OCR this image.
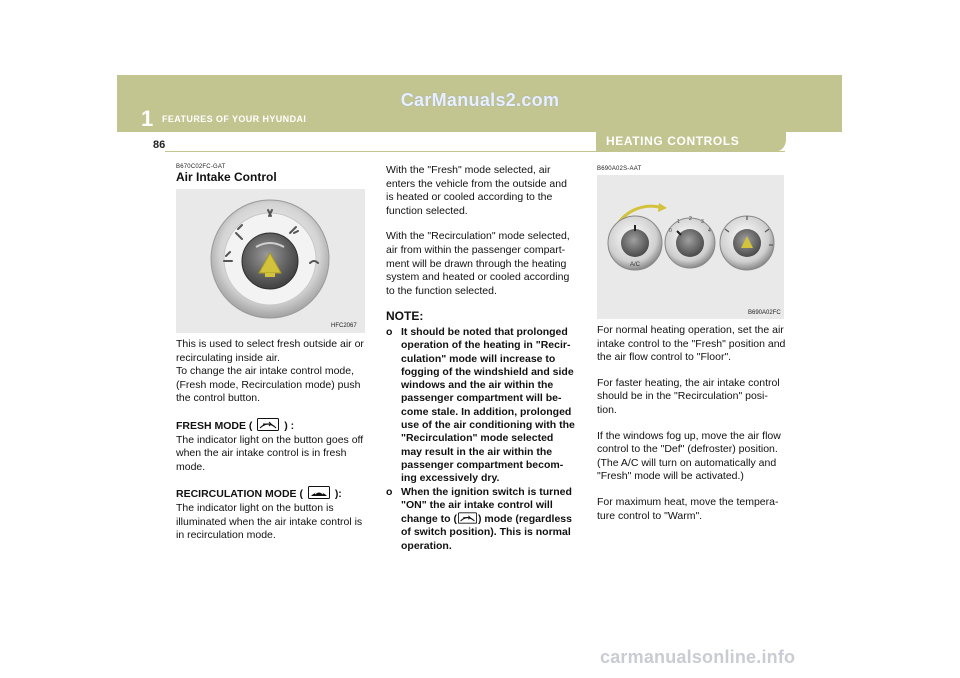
CarManuals2.com
1 FEATURES OF YOUR HYUNDAI
86	HEATING CONTROLS
B670C02FC-GAT
Air Intake Control
HFC2067

This is used to select fresh outside air or recirculating inside air.
To change the air intake control mode, (Fresh mode, Recirculation mode) push the control button.

FRESH MODE (	) :
The indicator light on the button goes off when the air intake control is in fresh mode.

RECIRCULATION MODE (	):
The indicator light on the button is illuminated when the air intake control is in recirculation mode.

With the "Fresh" mode selected, air enters the vehicle from the outside and is heated or cooled according to the function selected.

With the "Recirculation" mode selected, air from within the passenger compart-ment will be drawn through the heating system and heated or cooled according to the function selected.

NOTE:
o It should be noted that prolonged operation of the heating in "Recir-culation" mode will increase to fogging of the windshield and side windows and the air within the passenger compartment will be-come stale. In addition, prolonged use of the air conditioning with the "Recirculation" mode selected may result in the air within the passenger compartment becom-ing excessively dry.
o When the ignition switch is turned "ON" the air intake control will change to ( ) mode (regardless of switch position). This is normal operation.
B690A02S-AAT
A/C
0
1 2 3
4
B690A02FC

For normal heating operation, set the air intake control to the "Fresh" position and the air flow control to "Floor".

For faster heating, the air intake control should be in the "Recirculation" posi-tion.

If the windows fog up, move the air flow control to the "Def" (defroster) position. (The A/C will turn on automatically and "Fresh" mode will be activated.)

For maximum heat, move the tempera-ture control to "Warm".

carmanualsonline.info
